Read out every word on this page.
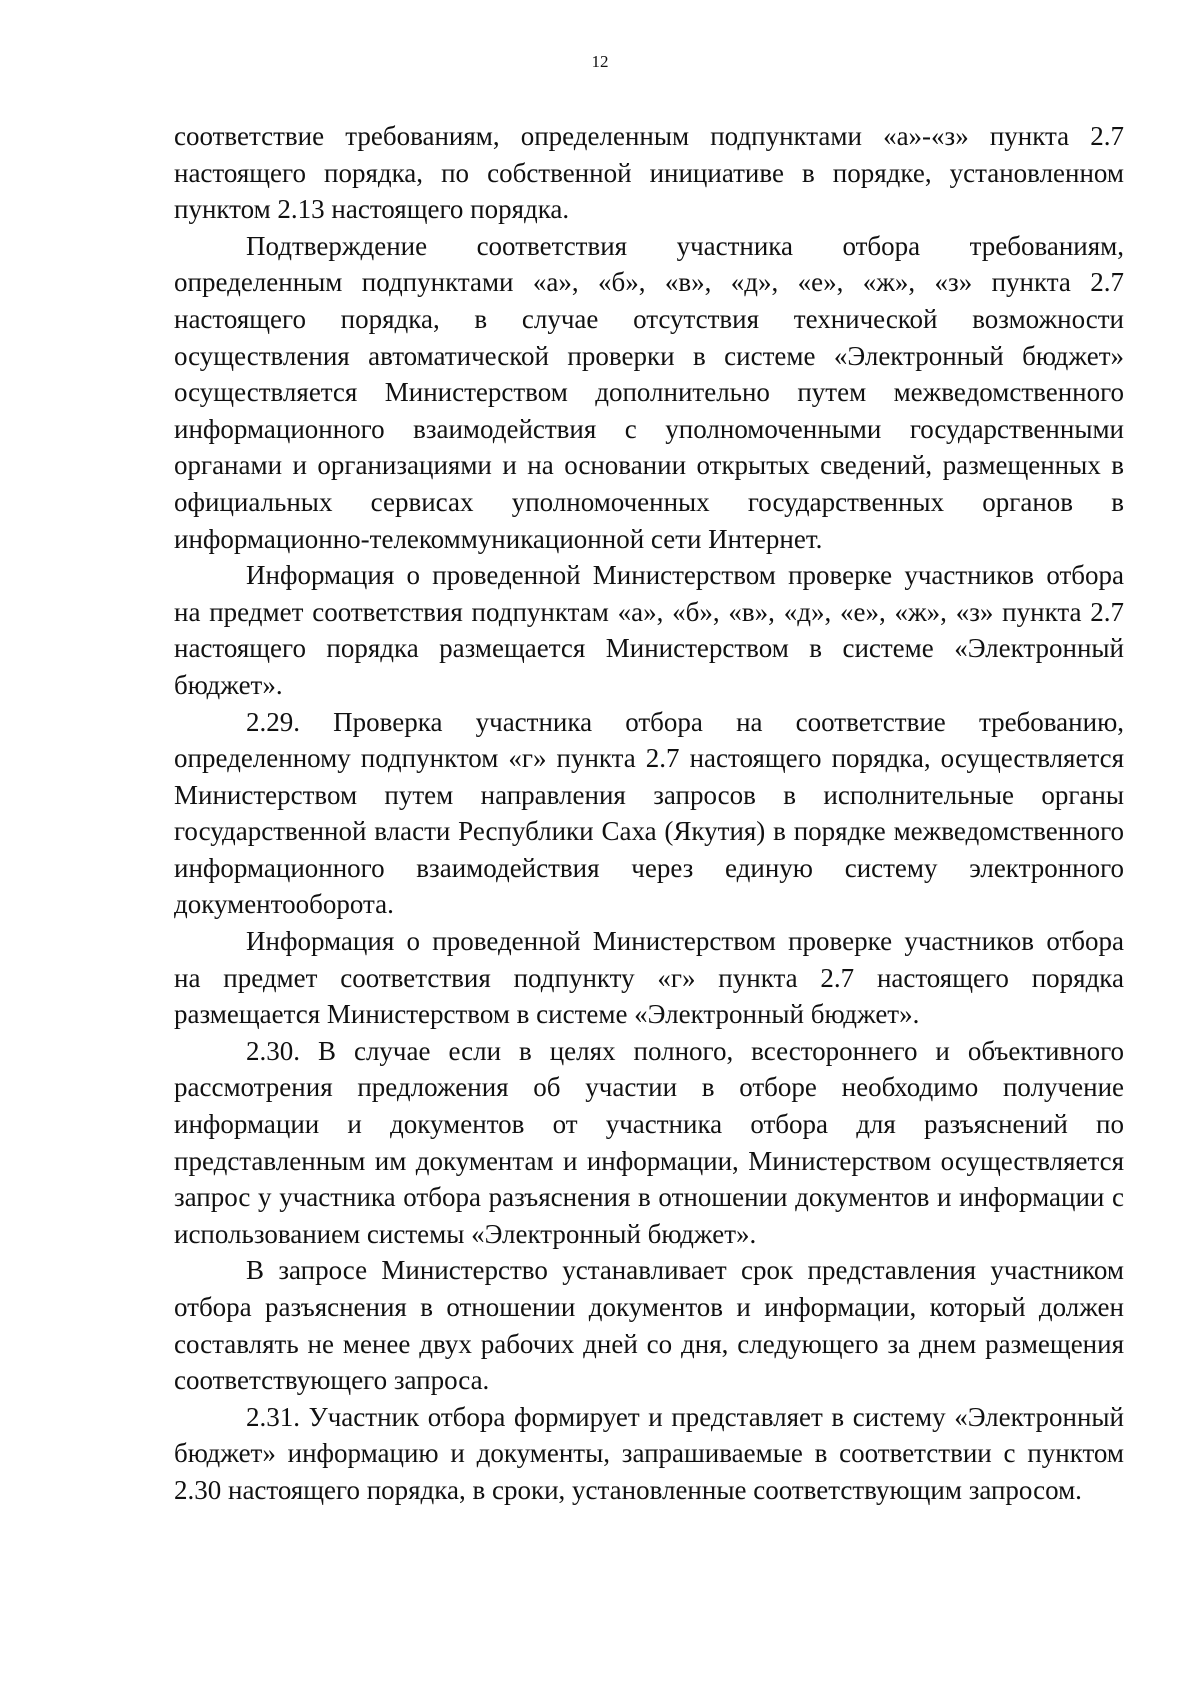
12

соответствие требованиям, определенным подпунктами «а»-«з» пункта 2.7 настоящего порядка, по собственной инициативе в порядке, установленном пунктом 2.13 настоящего порядка.

Подтверждение соответствия участника отбора требованиям, определенным подпунктами «а», «б», «в», «д», «е», «ж», «з» пункта 2.7 настоящего порядка, в случае отсутствия технической возможности осуществления автоматической проверки в системе «Электронный бюджет» осуществляется Министерством дополнительно путем межведомственного информационного взаимодействия с уполномоченными государственными органами и организациями и на основании открытых сведений, размещенных в официальных сервисах уполномоченных государственных органов в информационно-телекоммуникационной сети Интернет.

Информация о проведенной Министерством проверке участников отбора на предмет соответствия подпунктам «а», «б», «в», «д», «е», «ж», «з» пункта 2.7 настоящего порядка размещается Министерством в системе «Электронный бюджет».

2.29. Проверка участника отбора на соответствие требованию, определенному подпунктом «г» пункта 2.7 настоящего порядка, осуществляется Министерством путем направления запросов в исполнительные органы государственной власти Республики Саха (Якутия) в порядке межведомственного информационного взаимодействия через единую систему электронного документооборота.

Информация о проведенной Министерством проверке участников отбора на предмет соответствия подпункту «г» пункта 2.7 настоящего порядка размещается Министерством в системе «Электронный бюджет».

2.30. В случае если в целях полного, всестороннего и объективного рассмотрения предложения об участии в отборе необходимо получение информации и документов от участника отбора для разъяснений по представленным им документам и информации, Министерством осуществляется запрос у участника отбора разъяснения в отношении документов и информации с использованием системы «Электронный бюджет».

В запросе Министерство устанавливает срок представления участником отбора разъяснения в отношении документов и информации, который должен составлять не менее двух рабочих дней со дня, следующего за днем размещения соответствующего запроса.

2.31. Участник отбора формирует и представляет в систему «Электронный бюджет» информацию и документы, запрашиваемые в соответствии с пунктом 2.30 настоящего порядка, в сроки, установленные соответствующим запросом.
